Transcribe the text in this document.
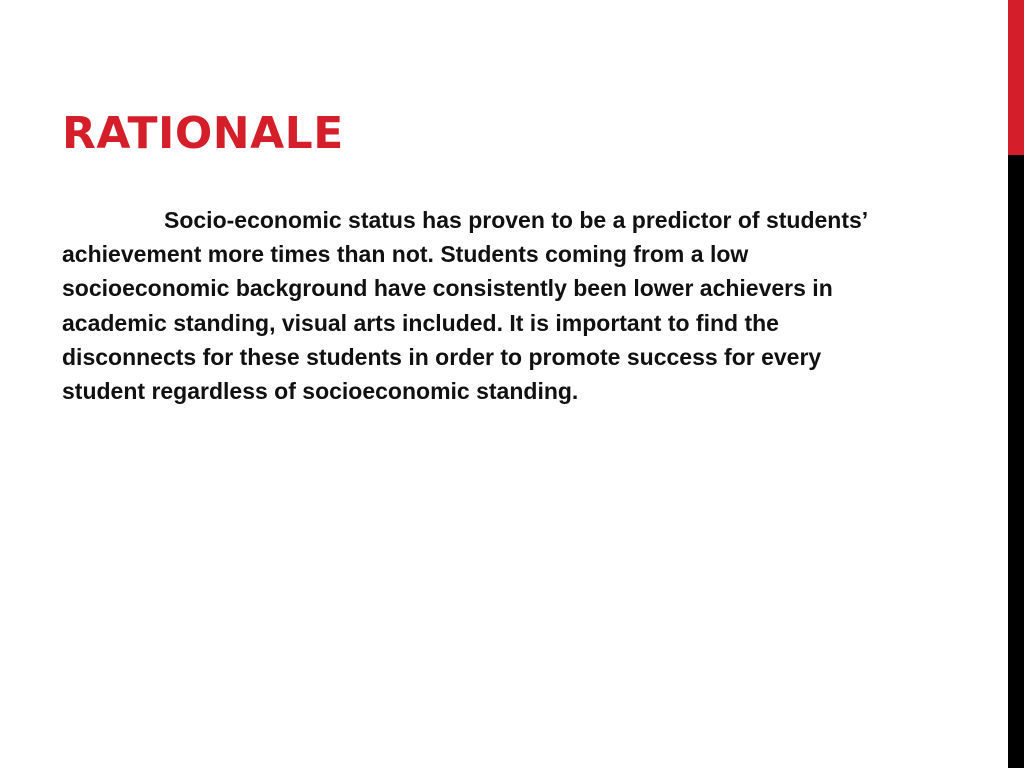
RATIONALE

Socio-economic status has proven to be a predictor of students’ achievement more times than not. Students coming from a low socioeconomic background have consistently been lower achievers in academic standing, visual arts included. It is important to find the disconnects for these students in order to promote success for every student regardless of socioeconomic standing.
